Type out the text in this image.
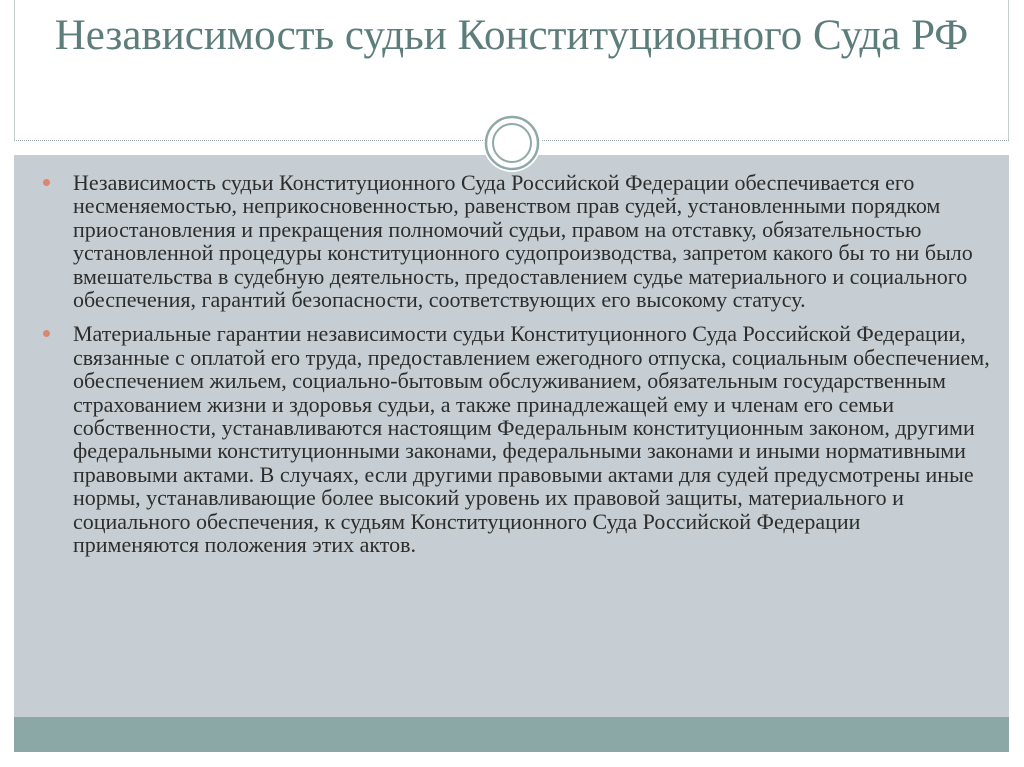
Независимость судьи Конституционного Суда РФ
Независимость судьи Конституционного Суда Российской Федерации обеспечивается его несменяемостью, неприкосновенностью, равенством прав судей, установленными порядком приостановления и прекращения полномочий судьи, правом на отставку, обязательностью установленной процедуры конституционного судопроизводства, запретом какого бы то ни было вмешательства в судебную деятельность, предоставлением судье материального и социального обеспечения, гарантий безопасности, соответствующих его высокому статусу.
Материальные гарантии независимости судьи Конституционного Суда Российской Федерации, связанные с оплатой его труда, предоставлением ежегодного отпуска, социальным обеспечением, обеспечением жильем, социально-бытовым обслуживанием, обязательным государственным страхованием жизни и здоровья судьи, а также принадлежащей ему и членам его семьи собственности, устанавливаются настоящим Федеральным конституционным законом, другими федеральными конституционными законами, федеральными законами и иными нормативными правовыми актами. В случаях, если другими правовыми актами для судей предусмотрены иные нормы, устанавливающие более высокий уровень их правовой защиты, материального и социального обеспечения, к судьям Конституционного Суда Российской Федерации применяются положения этих актов.
